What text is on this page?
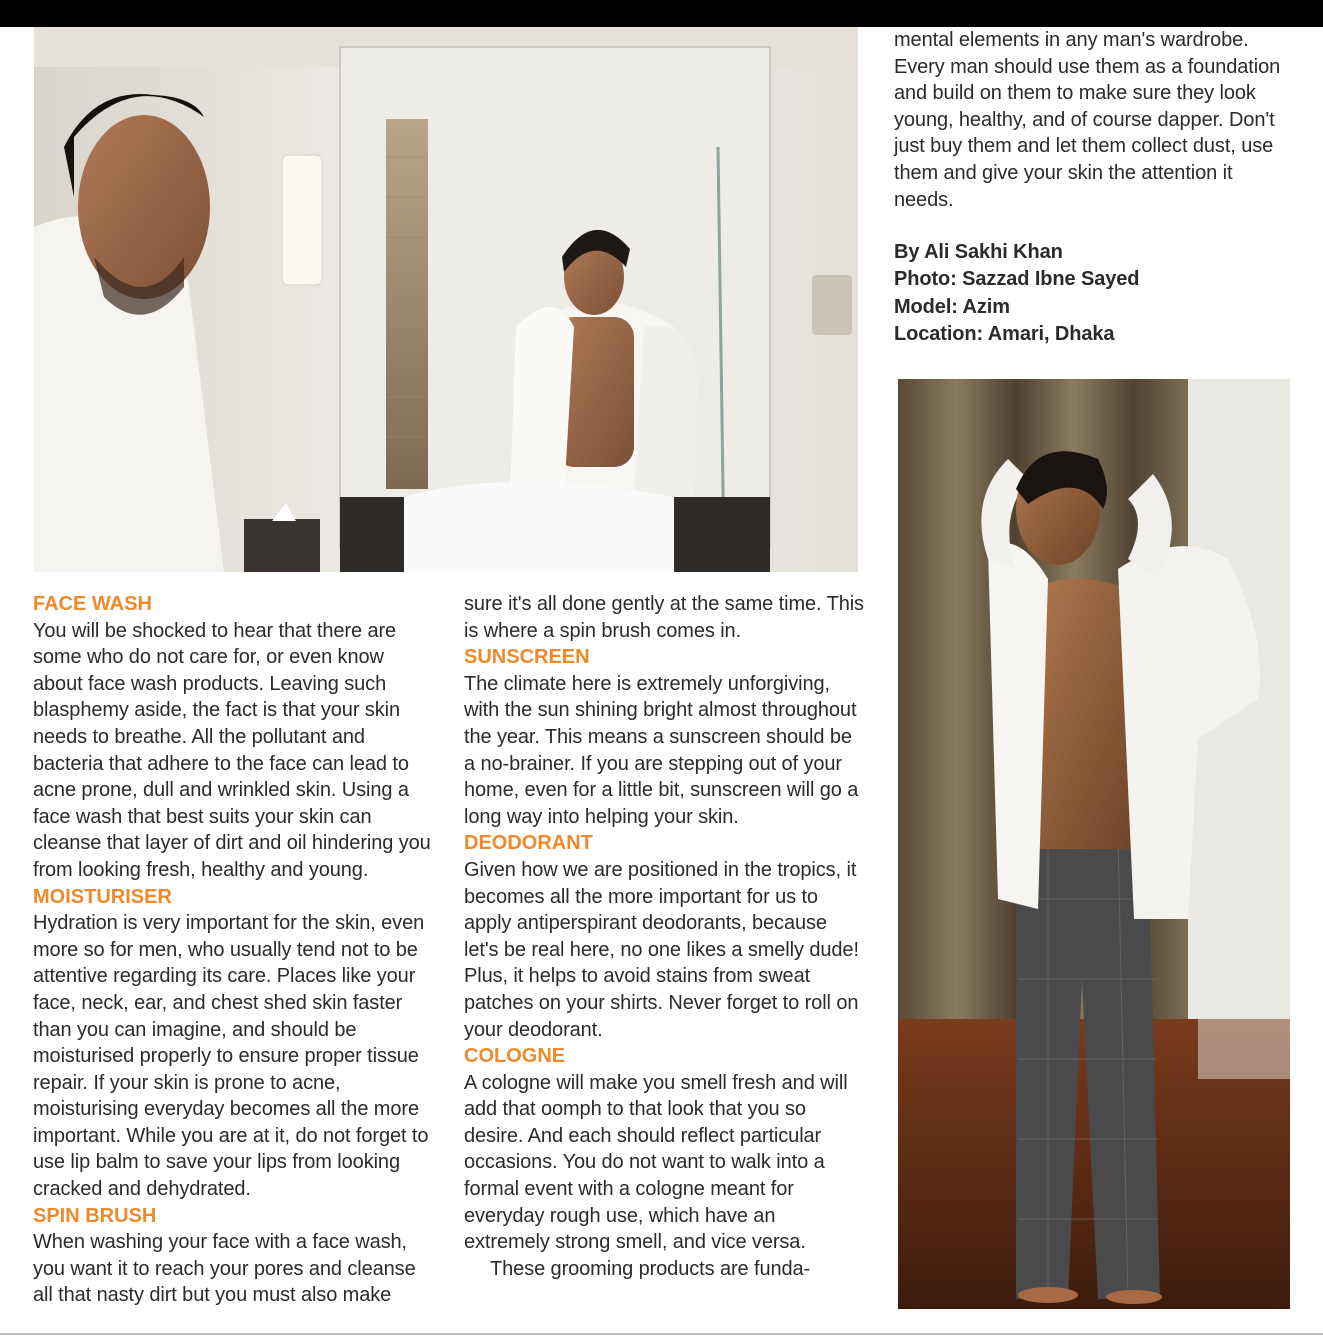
FACE WASH

You will be shocked to hear that there are some who do not care for, or even know about face wash products. Leaving such blasphemy aside, the fact is that your skin needs to breathe. All the pollutant and bacteria that adhere to the face can lead to acne prone, dull and wrinkled skin. Using a face wash that best suits your skin can cleanse that layer of dirt and oil hindering you from looking fresh, healthy and young.

MOISTURISER

Hydration is very important for the skin, even more so for men, who usually tend not to be attentive regarding its care. Places like your face, neck, ear, and chest shed skin faster than you can imagine, and should be moisturised properly to ensure proper tissue repair. If your skin is prone to acne, moisturising everyday becomes all the more important. While you are at it, do not forget to use lip balm to save your lips from looking cracked and dehydrated.

SPIN BRUSH

When washing your face with a face wash, you want it to reach your pores and cleanse all that nasty dirt but you must also make

sure it's all done gently at the same time. This is where a spin brush comes in.

SUNSCREEN

The climate here is extremely unforgiving, with the sun shining bright almost throughout the year. This means a sunscreen should be a no-brainer. If you are stepping out of your home, even for a little bit, sunscreen will go a long way into helping your skin.

DEODORANT

Given how we are positioned in the tropics, it becomes all the more important for us to apply antiperspirant deodorants, because let's be real here, no one likes a smelly dude! Plus, it helps to avoid stains from sweat patches on your shirts. Never forget to roll on your deodorant.

COLOGNE

A cologne will make you smell fresh and will add that oomph to that look that you so desire. And each should reflect particular occasions. You do not want to walk into a formal event with a cologne meant for everyday rough use, which have an extremely strong smell, and vice versa.

These grooming products are funda-

mental elements in any man's wardrobe. Every man should use them as a foundation and build on them to make sure they look young, healthy, and of course dapper. Don't just buy them and let them collect dust, use them and give your skin the attention it needs.

By Ali Sakhi Khan
Photo: Sazzad Ibne Sayed
Model: Azim
Location: Amari, Dhaka
